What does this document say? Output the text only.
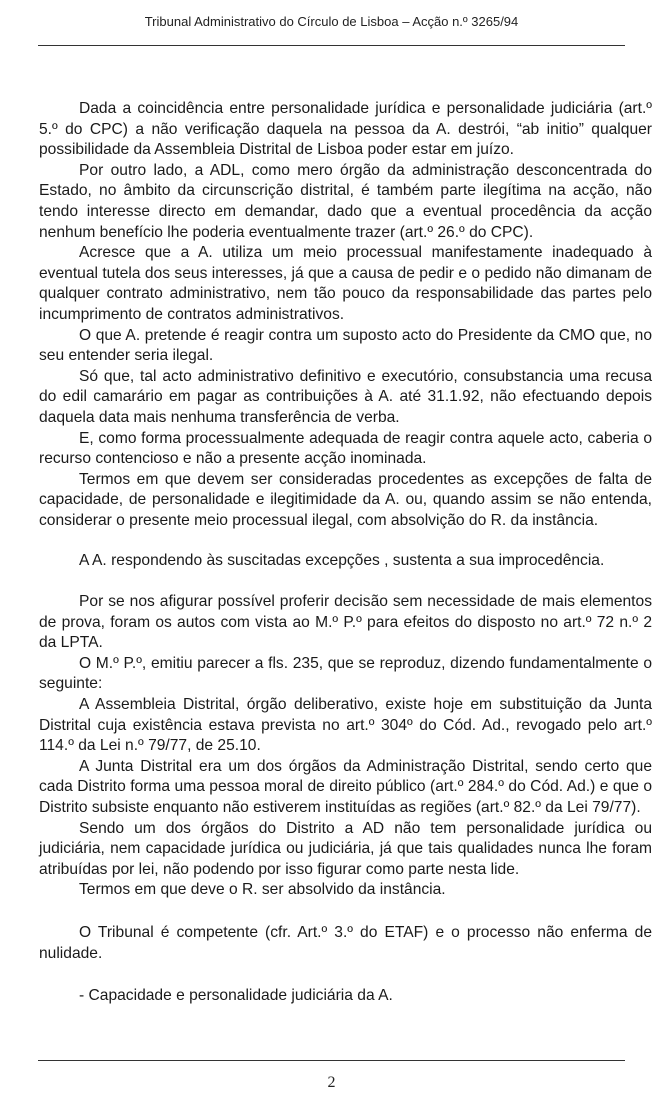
Tribunal Administrativo do Círculo de Lisboa – Acção n.º 3265/94

Dada a coincidência entre personalidade jurídica e personalidade judiciária (art.º 5.º do CPC) a não verificação daquela na pessoa da A. destrói, “ab initio” qualquer possibilidade da Assembleia Distrital de Lisboa poder estar em juízo.

Por outro lado, a ADL, como mero órgão da administração desconcentrada do Estado, no âmbito da circunscrição distrital, é também parte ilegítima na acção, não tendo interesse directo em demandar, dado que a eventual procedência da acção nenhum benefício lhe poderia eventualmente trazer (art.º 26.º do CPC).

Acresce que a A. utiliza um meio processual manifestamente inadequado à eventual tutela dos seus interesses, já que a causa de pedir e o pedido não dimanam de qualquer contrato administrativo, nem tão pouco da responsabilidade das partes pelo incumprimento de contratos administrativos.

O que A. pretende é reagir contra um suposto acto do Presidente da CMO que, no seu entender seria ilegal.

Só que, tal acto administrativo definitivo e executório, consubstancia uma recusa do edil camarário em pagar as contribuições à A. até 31.1.92, não efectuando depois daquela data mais nenhuma transferência de verba.

E, como forma processualmente adequada de reagir contra aquele acto, caberia o recurso contencioso e não a presente acção inominada.

Termos em que devem ser consideradas procedentes as excepções de falta de capacidade, de personalidade e ilegitimidade da A. ou, quando assim se não entenda, considerar o presente meio processual ilegal, com absolvição do R. da instância.

A A. respondendo às suscitadas excepções , sustenta a sua improcedência.

Por se nos afigurar possível proferir decisão sem necessidade de mais elementos de prova, foram os autos com vista ao M.º P.º para efeitos do disposto no art.º 72 n.º 2 da LPTA.

O M.º P.º, emitiu parecer a fls. 235, que se reproduz, dizendo fundamentalmente o seguinte:

A Assembleia Distrital, órgão deliberativo, existe hoje em substituição da Junta Distrital cuja existência estava prevista no art.º 304º do Cód. Ad., revogado pelo art.º 114.º da Lei n.º 79/77, de 25.10.

A Junta Distrital era um dos órgãos da Administração Distrital, sendo certo que cada Distrito forma uma pessoa moral de direito público (art.º 284.º do Cód. Ad.) e que o Distrito subsiste enquanto não estiverem instituídas as regiões (art.º 82.º da Lei 79/77).

Sendo um dos órgãos do Distrito a AD não tem personalidade jurídica ou judiciária, nem capacidade jurídica ou judiciária, já que tais qualidades nunca lhe foram atribuídas por lei, não podendo por isso figurar como parte nesta lide.

Termos em que deve o R. ser absolvido da instância.

O Tribunal é competente (cfr. Art.º 3.º do ETAF) e o processo não enferma de nulidade.

- Capacidade e personalidade judiciária da A.

2
